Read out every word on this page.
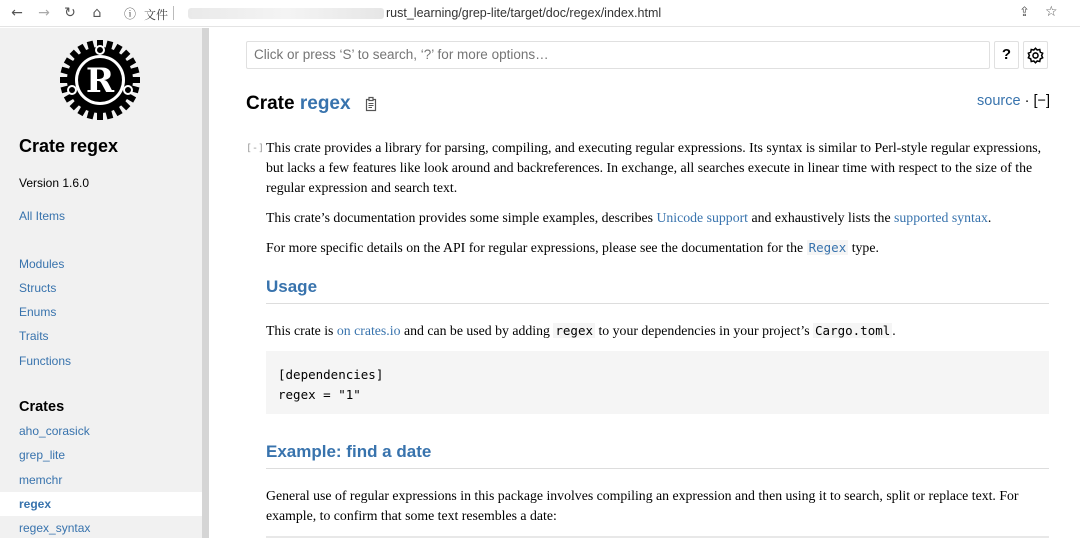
← → ↻ ⌂ ⓘ 文件	rust_learning/grep-lite/target/doc/regex/index.html	⇪ ☆
R
Crate regex
Version 1.6.0
All Items
Modules
Structs
Enums
Traits
Functions
Crates
aho_corasick
grep_lite
memchr
regex
regex_syntax
Click or press ‘S’ to search, ‘?’ for more options…	?
Crate regex	source · [−]
[-] This crate provides a library for parsing, compiling, and executing regular expressions. Its syntax is similar to Perl-style regular expressions, but lacks a few features like look around and backreferences. In exchange, all searches execute in linear time with respect to the size of the regular expression and search text.

This crate’s documentation provides some simple examples, describes Unicode support and exhaustively lists the supported syntax.

For more specific details on the API for regular expressions, please see the documentation for the Regex type.

Usage

This crate is on crates.io and can be used by adding regex to your dependencies in your project’s Cargo.toml .

[dependencies]
regex = "1"
Example: find a date

General use of regular expressions in this package involves compiling an expression and then using it to search, split or replace text. For example, to confirm that some text resembles a date:
